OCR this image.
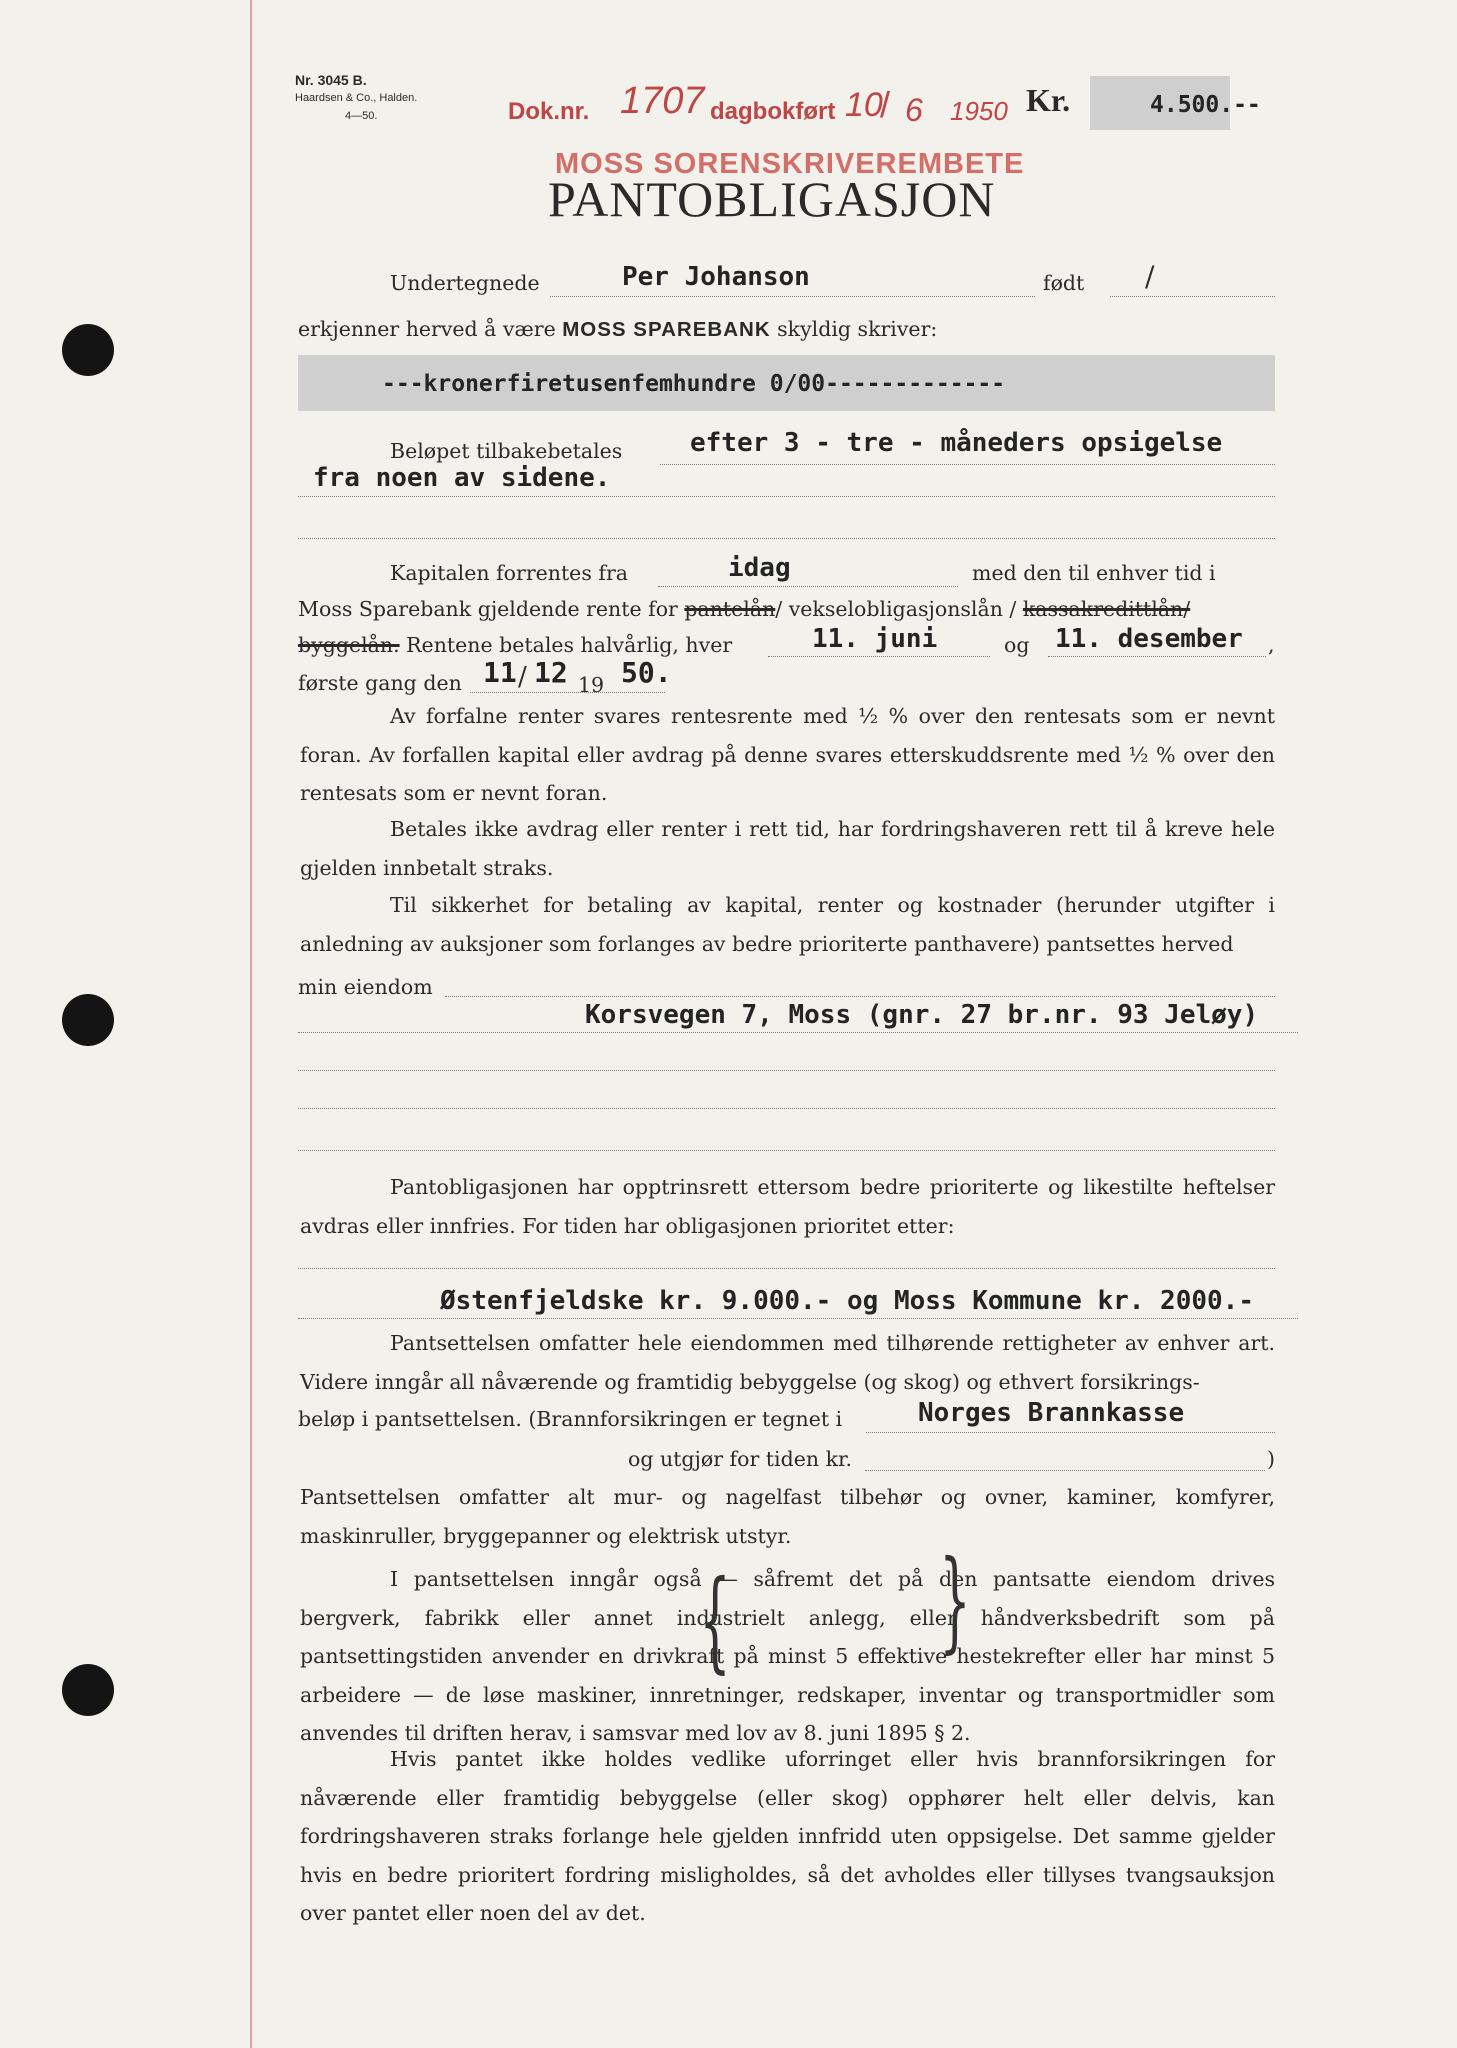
Nr. 3045 B.
Haardsen & Co., Halden.
4—50.	Dok.nr. 1707 dagbokført 10
/ 6 1950 Kr.	4.500.--
MOSS SORENSKRIVEREMBETE
PANTOBLIGASJON
Undertegnede	Per Johanson	født /
erkjenner herved å være MOSS SPAREBANK skyldig skriver:
---kronerfiretusenfemhundre 0/00-------------
Beløpet tilbakebetales	efter 3 - tre - måneders opsigelse
fra noen av sidene.
Kapitalen forrentes fra	idag	med den til enhver tid i
Moss Sparebank gjeldende rente for pantelån/ vekselobligasjonslån / kassakredittlån/
byggelån. Rentene betales halvårlig, hver	11. juni	og 11. desember ,
første gang den 11 / 12 19 50.
Av forfalne renter svares rentesrente med ½ % over den rentesats som er nevnt foran. Av forfallen kapital eller avdrag på denne svares etterskuddsrente med ½ % over den rentesats som er nevnt foran.
Betales ikke avdrag eller renter i rett tid, har fordringshaveren rett til å kreve hele gjelden innbetalt straks.
Til sikkerhet for betaling av kapital, renter og kostnader (herunder utgifter i anledning av auksjoner som forlanges av bedre prioriterte panthavere) pantsettes herved
min eiendom
Korsvegen 7, Moss (gnr. 27 br.nr. 93 Jeløy)
Pantobligasjonen har opptrinsrett ettersom bedre prioriterte og likestilte heftelser avdras eller innfries. For tiden har obligasjonen prioritet etter:
Østenfjeldske kr. 9.000.- og Moss Kommune kr. 2000.-
Pantsettelsen omfatter hele eiendommen med tilhørende rettigheter av enhver art. Videre inngår all nåværende og framtidig bebyggelse (og skog) og ethvert forsikrings-
beløp i pantsettelsen. (Brannforsikringen er tegnet i	Norges Brannkasse
og utgjør for tiden kr.	)
Pantsettelsen omfatter alt mur- og nagelfast tilbehør og ovner, kaminer, komfyrer, maskinruller, bryggepanner og elektrisk utstyr.
I pantsettelsen inngår også — såfremt det på den pantsatte eiendom drives bergverk, fabrikk eller annet industrielt anlegg, eller håndverksbedrift som på pantsettingstiden anvender en drivkraft på minst 5 effektive hestekrefter eller har minst 5 arbeidere — de løse maskiner, innretninger, redskaper, inventar og transportmidler som anvendes til driften herav, i samsvar med lov av 8. juni 1895 § 2.
{ }
Hvis pantet ikke holdes vedlike uforringet eller hvis brannforsikringen for nåværende eller framtidig bebyggelse (eller skog) opphører helt eller delvis, kan fordringshaveren straks forlange hele gjelden innfridd uten oppsigelse. Det samme gjelder hvis en bedre prioritert fordring misligholdes, så det avholdes eller tillyses tvangsauksjon over pantet eller noen del av det.
